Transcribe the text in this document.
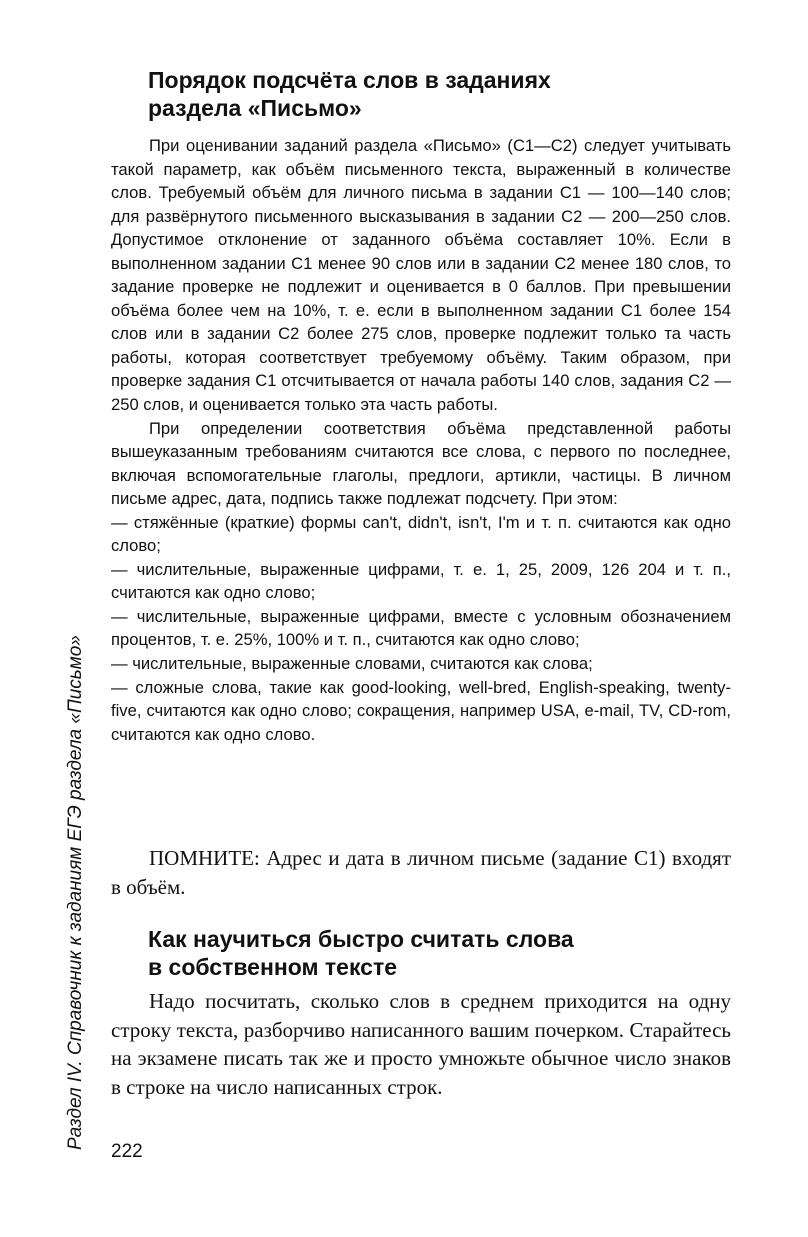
Раздел IV. Справочник к заданиям ЕГЭ раздела «Письмо»
Порядок подсчёта слов в заданиях
раздела «Письмо»

При оценивании заданий раздела «Письмо» (С1—С2) следует учитывать такой параметр, как объём письменного текста, выраженный в количестве слов. Требуемый объём для личного письма в задании С1 — 100—140 слов; для развёрнутого письменного высказывания в задании С2 — 200—250 слов. Допустимое отклонение от заданного объёма составляет 10%. Если в выполненном задании С1 менее 90 слов или в задании С2 менее 180 слов, то задание проверке не подлежит и оценивается в 0 баллов. При превышении объёма более чем на 10%, т. е. если в выполненном задании С1 более 154 слов или в задании С2 более 275 слов, проверке подлежит только та часть работы, которая соответствует требуемому объёму. Таким образом, при проверке задания С1 отсчитывается от начала работы 140 слов, задания С2 — 250 слов, и оценивается только эта часть работы.

При определении соответствия объёма представленной работы вышеуказанным требованиям считаются все слова, с первого по последнее, включая вспомогательные глаголы, предлоги, артикли, частицы. В личном письме адрес, дата, подпись также подлежат подсчету. При этом:

— стяжённые (краткие) формы can't, didn't, isn't, I'm и т. п. считаются как одно слово;

— числительные, выраженные цифрами, т. е. 1, 25, 2009, 126 204 и т. п., считаются как одно слово;

— числительные, выраженные цифрами, вместе с условным обозначением процентов, т. е. 25%, 100% и т. п., считаются как одно слово;

— числительные, выраженные словами, считаются как слова;

— сложные слова, такие как good-looking, well-bred, English-speaking, twenty-five, считаются как одно слово; сокращения, например USA, e-mail, TV, CD-rom, считаются как одно слово.

ПОМНИТЕ: Адрес и дата в личном письме (задание С1) входят в объём.

Как научиться быстро считать слова
в собственном тексте

Надо посчитать, сколько слов в среднем приходится на одну строку текста, разборчиво написанного вашим почерком. Старайтесь на экзамене писать так же и просто умножьте обычное число знаков в строке на число написанных строк.

222
